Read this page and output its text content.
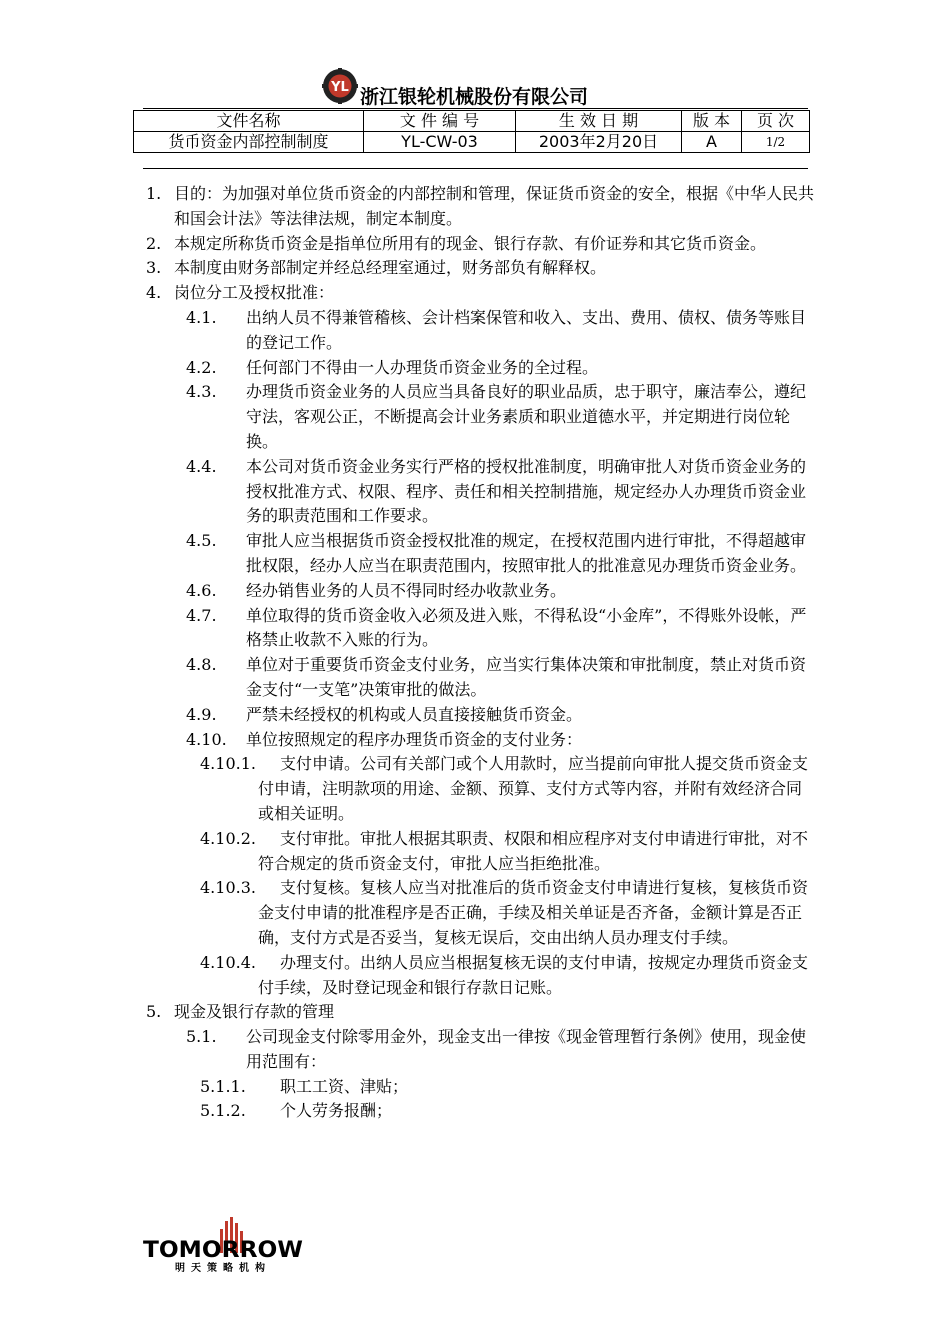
YL 浙江银轮机械股份有限公司
文件名称	文 件 编 号	生 效 日 期	版 本	页 次
货币资金内部控制制度	YL-CW-03	2003年2月20日	A	1/2
1. 目的：为加强对单位货币资金的内部控制和管理，保证货币资金的安全，根据《中华人民共和国会计法》等法律法规，制定本制度。
2. 本规定所称货币资金是指单位所用有的现金、银行存款、有价证券和其它货币资金。
3. 本制度由财务部制定并经总经理室通过，财务部负有解释权。
4. 岗位分工及授权批准：
4.1. 出纳人员不得兼管稽核、会计档案保管和收入、支出、费用、债权、债务等账目的登记工作。
4.2. 任何部门不得由一人办理货币资金业务的全过程。
4.3. 办理货币资金业务的人员应当具备良好的职业品质，忠于职守，廉洁奉公，遵纪守法，客观公正，不断提高会计业务素质和职业道德水平，并定期进行岗位轮换。
4.4. 本公司对货币资金业务实行严格的授权批准制度，明确审批人对货币资金业务的授权批准方式、权限、程序、责任和相关控制措施，规定经办人办理货币资金业务的职责范围和工作要求。
4.5. 审批人应当根据货币资金授权批准的规定，在授权范围内进行审批，不得超越审批权限，经办人应当在职责范围内，按照审批人的批准意见办理货币资金业务。
4.6. 经办销售业务的人员不得同时经办收款业务。
4.7. 单位取得的货币资金收入必须及进入账，不得私设“小金库”，不得账外设帐，严格禁止收款不入账的行为。
4.8. 单位对于重要货币资金支付业务，应当实行集体决策和审批制度，禁止对货币资金支付“一支笔”决策审批的做法。
4.9. 严禁未经授权的机构或人员直接接触货币资金。
4.10. 单位按照规定的程序办理货币资金的支付业务：
4.10.1.	支付申请。公司有关部门或个人用款时，应当提前向审批人提交货币资金支付申请，注明款项的用途、金额、预算、支付方式等内容，并附有效经济合同或相关证明。
4.10.2.	支付审批。审批人根据其职责、权限和相应程序对支付申请进行审批，对不符合规定的货币资金支付，审批人应当拒绝批准。
4.10.3.	支付复核。复核人应当对批准后的货币资金支付申请进行复核，复核货币资金支付申请的批准程序是否正确，手续及相关单证是否齐备，金额计算是否正确，支付方式是否妥当，复核无误后，交由出纳人员办理支付手续。
4.10.4.	办理支付。出纳人员应当根据复核无误的支付申请，按规定办理货币资金支付手续，及时登记现金和银行存款日记账。
5. 现金及银行存款的管理
5.1. 公司现金支付除零用金外，现金支出一律按《现金管理暂行条例》使用，现金使用范围有：
5.1.1. 职工工资、津贴；
5.1.2. 个人劳务报酬；
TOMORROW
明天策略机构
